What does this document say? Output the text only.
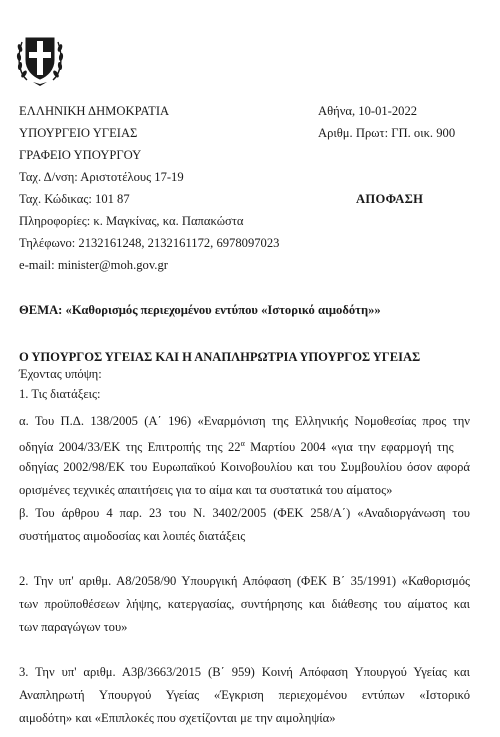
ΕΛΛΗΝΙΚΗ ΔΗΜΟΚΡΑΤΙΑ
ΥΠΟΥΡΓΕΙΟ ΥΓΕΙΑΣ
ΓΡΑΦΕΙΟ ΥΠΟΥΡΓΟΥ
Ταχ. Δ/νση: Αριστοτέλους 17-19
Ταχ. Κώδικας: 101 87
Πληροφορίες: κ. Μαγκίνας, κα. Παπακώστα
Τηλέφωνο: 2132161248, 2132161172, 6978097023
e-mail: minister@moh.gov.gr
Αθήνα, 10-01-2022
Αριθμ. Πρωτ: ΓΠ. οικ. 900
ΑΠΟΦΑΣΗ
ΘΕΜΑ: «Καθορισμός περιεχομένου εντύπου «Ιστορικό αιμοδότη»»
Ο ΥΠΟΥΡΓΟΣ ΥΓΕΙΑΣ ΚΑΙ Η ΑΝΑΠΛΗΡΩΤΡΙΑ ΥΠΟΥΡΓΟΣ ΥΓΕΙΑΣ
Έχοντας υπόψη:
1. Τις διατάξεις:
α. Του Π.Δ. 138/2005 (Α΄ 196) «Εναρμόνιση της Ελληνικής Νομοθεσίας προς την
οδηγία 2004/33/ΕΚ της Επιτροπής της $22^\alpha$ Μαρτίου 2004 «για την εφαρμογή της
οδηγίας 2002/98/ΕΚ του Ευρωπαϊκού Κοινοβουλίου και του Συμβουλίου όσον αφορά
ορισμένες τεχνικές απαιτήσεις για το αίμα και τα συστατικά του αίματος»
β. Του άρθρου 4 παρ. 23 του Ν. 3402/2005 (ΦΕΚ 258/Α΄) «Αναδιοργάνωση του
συστήματος αιμοδοσίας και λοιπές διατάξεις
2. Την υπ' αριθμ. Α8/2058/90 Υπουργική Απόφαση (ΦΕΚ Β΄ 35/1991) «Καθορισμός
των προϋποθέσεων λήψης, κατεργασίας, συντήρησης και διάθεσης του αίματος και
των παραγώγων του»
3. Την υπ' αριθμ. Α3β/3663/2015 (Β΄ 959) Κοινή Απόφαση Υπουργού Υγείας και
Αναπληρωτή Υπουργού Υγείας «Έγκριση περιεχομένου εντύπων «Ιστορικό
αιμοδότη» και «Επιπλοκές που σχετίζονται με την αιμοληψία»
